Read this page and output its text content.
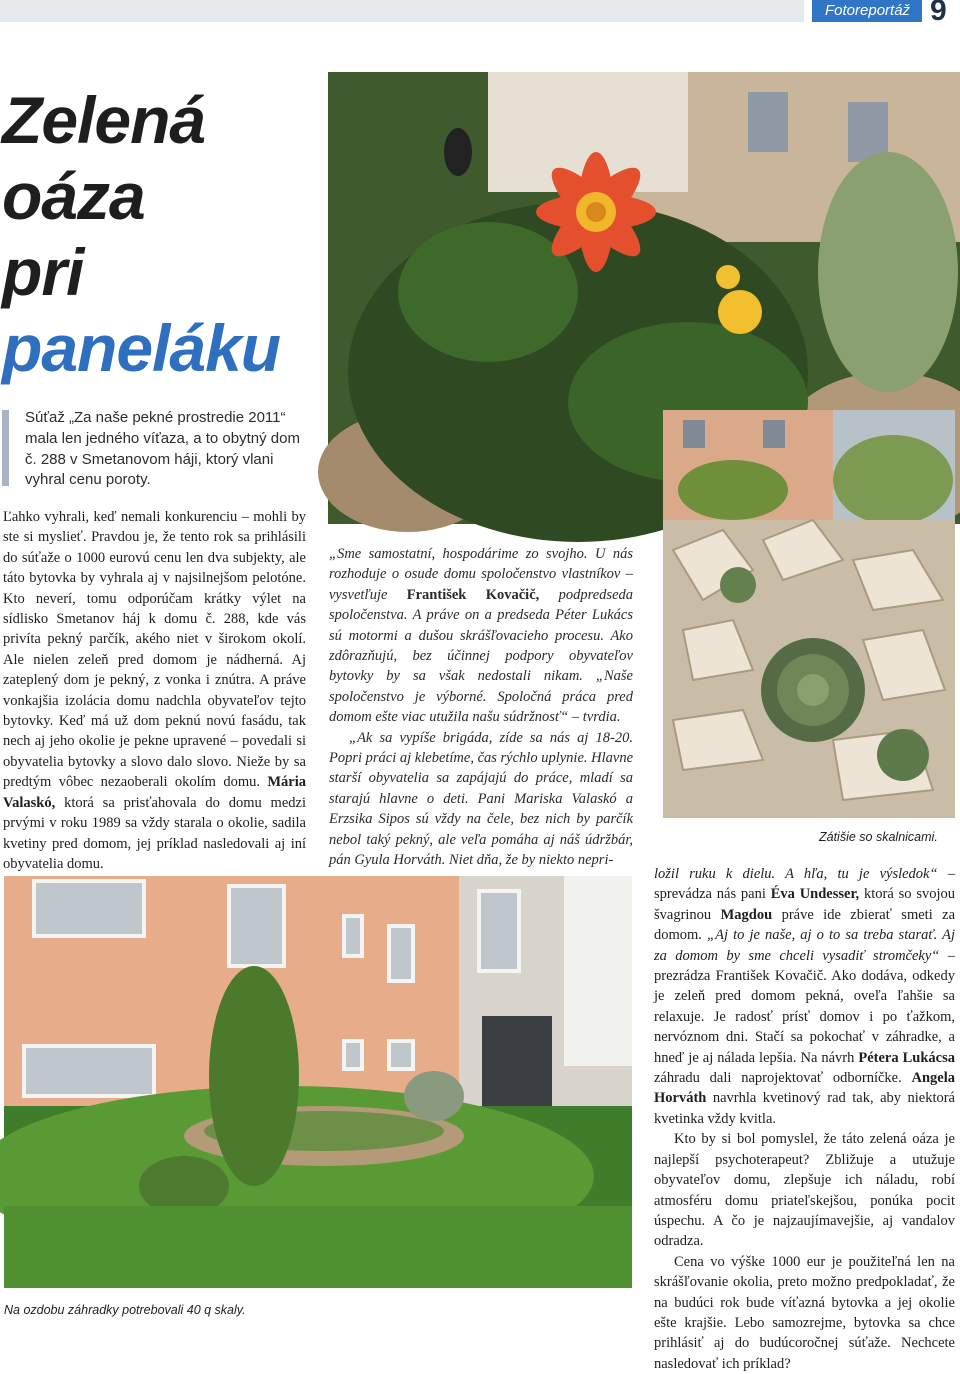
Fotoreportáž 9
Zelená
oáza
pri
paneláku

Súťaž „Za naše pekné prostredie 2011“ mala len jedného víťaza, a to obytný dom č. 288 v Smetanovom háji, ktorý vlani vyhral cenu poroty.

Ľahko vyhrali, keď nemali konkurenciu – mohli by ste si myslieť. Pravdou je, že tento rok sa prihlásili do súťaže o 1000 eurovú cenu len dva subjekty, ale táto bytovka by vyhrala aj v najsilnejšom pelotóne. Kto neverí, tomu odporúčam krátky výlet na sídlisko Smetanov háj k domu č. 288, kde vás privíta pekný parčík, akého niet v širokom okolí. Ale nielen zeleň pred domom je nádherná. Aj zateplený dom je pekný, z vonka i znútra. A práve vonkajšia izolácia domu nadchla obyvateľov tejto bytovky. Keď má už dom peknú novú fasádu, tak nech aj jeho okolie je pekne upravené – povedali si obyvatelia bytovky a slovo dalo slovo. Nieže by sa predtým vôbec nezaoberali okolím domu. Mária Valaskó, ktorá sa prisťahovala do domu medzi prvými v roku 1989 sa vždy starala o okolie, sadila kvetiny pred domom, jej príklad nasledovali aj iní obyvatelia domu.

„Sme samostatní, hospodárime zo svojho. U nás rozhoduje o osude domu spoločenstvo vlastníkov – vysvetľuje František Kovačič, podpredseda spoločenstva. A práve on a predseda Péter Lukács sú motormi a dušou skrášľovacieho procesu. Ako zdôrazňujú, bez účinnej podpory obyvateľov bytovky by sa však nedostali nikam. „Naše spoločenstvo je výborné. Spoločná práca pred domom ešte viac utužila našu súdržnosť“ – tvrdia.

„Ak sa vypíše brigáda, zíde sa nás aj 18-20. Popri práci aj klebetíme, čas rýchlo uplynie. Hlavne starší obyvatelia sa zapájajú do práce, mladí sa starajú hlavne o deti. Pani Mariska Valaskó a Erzsika Sipos sú vždy na čele, bez nich by parčík nebol taký pekný, ale veľa pomáha aj náš údržbár, pán Gyula Horváth. Niet dňa, že by niekto nepri-

ložil ruku k dielu. A hľa, tu je výsledok“ – sprevádza nás pani Éva Undesser, ktorá so svojou švagrinou Magdou práve ide zbierať smeti za domom. „Aj to je naše, aj o to sa treba starať. Aj za domom by sme chceli vysadiť stromčeky“ – prezrádza František Kovačič. Ako dodáva, odkedy je zeleň pred domom pekná, oveľa ľahšie sa relaxuje. Je radosť prísť domov i po ťažkom, nervóznom dni. Stačí sa pokochať v záhradke, a hneď je aj nálada lepšia. Na návrh Pétera Lukácsa záhradu dali naprojektovať odborníčke. Angela Horváth navrhla kvetinový rad tak, aby niektorá kvetinka vždy kvitla.

Kto by si bol pomyslel, že táto zelená oáza je najlepší psychoterapeut? Zbližuje a utužuje obyvateľov domu, zlepšuje ich náladu, robí atmosféru domu priateľskejšou, ponúka pocit úspechu. A čo je najzaujímavejšie, aj vandalov odradza.

Cena vo výške 1000 eur je použiteľná len na skrášľovanie okolia, preto možno predpokladať, že na budúci rok bude víťazná bytovka a jej okolie ešte krajšie. Lebo samozrejme, bytovka sa chce prihlásiť aj do budúcoročnej súťaže. Nechcete nasledovať ich príklad?

Zátišie so skalnicami.
Na ozdobu záhradky potrebovali 40 q skaly.
